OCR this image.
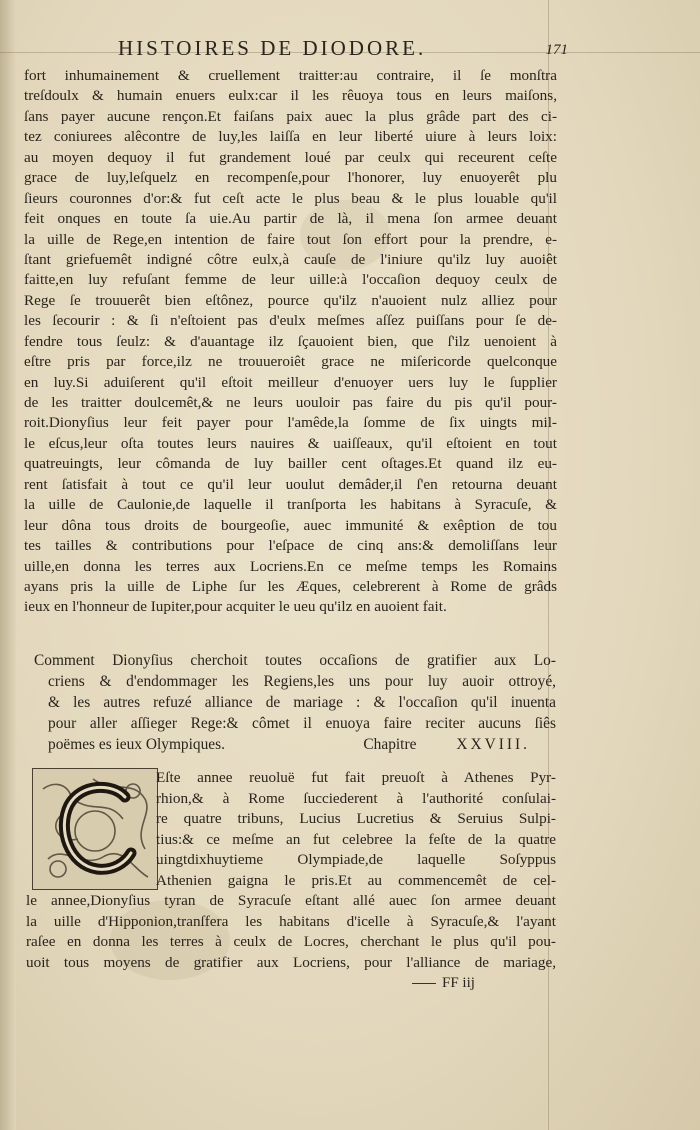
HISTOIRES DE DIODORE.	171
fort inhumainement & cruellement traitter:au contraire, il ſe monſtra
treſdoulx & humain enuers eulx:car il les rêuoya tous en leurs maiſons,
ſans payer aucune rençon.Et faiſans paix auec la plus grâde part des ci-
tez coniurees alêcontre de luy,les laiſſa en leur liberté uiure à leurs loix:
au moyen dequoy il fut grandement loué par ceulx qui receurent ceſte
grace de luy,leſquelz en recompenſe,pour l'honorer, luy enuoyerêt plu
ſieurs couronnes d'or:& fut ceſt acte le plus beau & le plus louable qu'il
feit onques en toute ſa uie.Au partir de là, il mena ſon armee deuant
la uille de Rege,en intention de faire tout ſon effort pour la prendre, e-
ſtant griefuemêt indigné côtre eulx,à cauſe de l'iniure qu'ilz luy auoiêt
faitte,en luy refuſant femme de leur uille:à l'occaſion dequoy ceulx de
Rege ſe trouuerêt bien eſtônez, pource qu'ilz n'auoient nulz alliez pour
les ſecourir : & ſi n'eſtoient pas d'eulx meſmes aſſez puiſſans pour ſe de-
fendre tous ſeulz: & d'auantage ilz ſçauoient bien, que ſ'ilz uenoient à
eſtre pris par force,ilz ne trouueroiêt grace ne miſericorde quelconque
en luy.Si aduiſerent qu'il eſtoit meilleur d'enuoyer uers luy le ſupplier
de les traitter doulcemêt,& ne leurs uouloir pas faire du pis qu'il pour-
roit.Dionyſius leur feit payer pour l'amêde,la ſomme de ſix uingts mil-
le eſcus,leur oſta toutes leurs nauires & uaiſſeaux, qu'il eſtoient en tout
quatreuingts, leur cômanda de luy bailler cent oſtages.Et quand ilz eu-
rent ſatisfait à tout ce qu'il leur uoulut demâder,il ſ'en retourna deuant
la uille de Caulonie,de laquelle il tranſporta les habitans à Syracuſe, &
leur dôna tous droits de bourgeoſie, auec immunité & exêption de tou
tes tailles & contributions pour l'eſpace de cinq ans:& demoliſſans leur
uille,en donna les terres aux Locriens.En ce meſme temps les Romains
ayans pris la uille de Liphe ſur les Æques, celebrerent à Rome de grâds
ieux en l'honneur de Iupiter,pour acquiter le ueu qu'ilz en auoient fait.
Comment Dionyſius cherchoit toutes occaſions de gratifier aux Lo-
criens & d'endommager les Regiens,les uns pour luy auoir ottroyé,
& les autres refuzé alliance de mariage : & l'occaſion qu'il inuenta
pour aller aſſieger Rege:& cômet il enuoya faire reciter aucuns ſiês
poëmes es ieux Olympiques.	Chapitre	XXVIII.
Eſte annee reuoluë fut fait preuoſt à Athenes Pyr-
rhion,& à Rome ſucciederent à l'authorité conſulai-
re quatre tribuns, Lucius Lucretius & Seruius Sulpi-
tius:& ce meſme an fut celebree la feſte de la quatre
uingtdixhuytieme Olympiade,de laquelle Soſyppus
Athenien gaigna le pris.Et au commencemêt de cel-
le annee,Dionyſius tyran de Syracuſe eſtant allé auec ſon armee deuant
la uille d'Hipponion,tranſfera les habitans d'icelle à Syracuſe,& l'ayant
raſee en donna les terres à ceulx de Locres, cherchant le plus qu'il pou-
uoit tous moyens de gratifier aux Locriens, pour l'alliance de mariage,
FF iij
